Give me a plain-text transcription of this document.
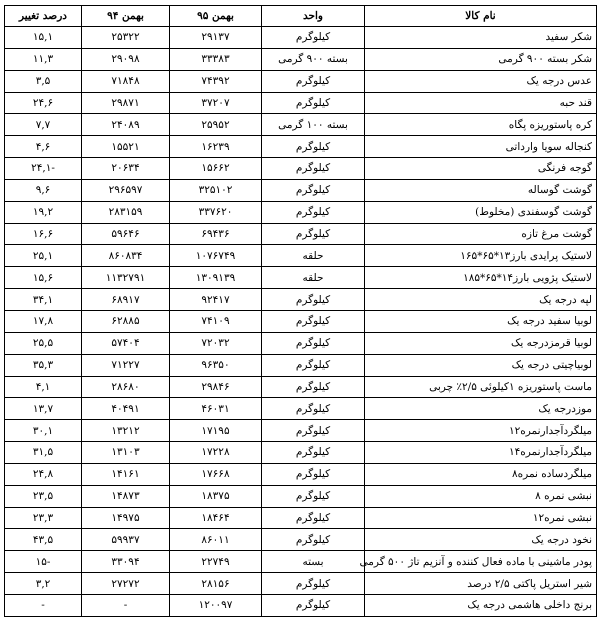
نام کالا	واحد	بهمن ۹۵	بهمن ۹۴	درصد تغییر
شکر سفید	کیلوگرم	۲۹۱۳۷	۲۵۳۲۲	۱۵,۱
شکر بسته ۹۰۰ گرمی	بسته ۹۰۰ گرمی	۳۳۳۸۳	۲۹۰۹۸	۱۱,۳
عدس درجه یک	کیلوگرم	۷۴۳۹۲	۷۱۸۴۸	۳,۵
قند حبه	کیلوگرم	۳۷۲۰۷	۲۹۸۷۱	۲۴,۶
کره پاستوریزه پگاه	بسته ۱۰۰ گرمی	۲۵۹۵۲	۲۴۰۸۹	۷,۷
کنجاله سویا وارداتی	کیلوگرم	۱۶۲۳۹	۱۵۵۲۱	۴,۶
گوجه فرنگی	کیلوگرم	۱۵۶۶۲	۲۰۶۳۴	-۲۴,۱
گوشت گوساله	کیلوگرم	۳۲۵۱۰۲	۲۹۶۵۹۷	۹,۶
گوشت گوسفندی (مخلوط)	کیلوگرم	۳۳۷۶۲۰	۲۸۳۱۵۹	۱۹,۲
گوشت مرغ تازه	کیلوگرم	۶۹۴۳۶	۵۹۶۴۶	۱۶,۶
لاستیک پرایدی بارز۱۳*۶۵*۱۶۵	حلقه	۱۰۷۶۷۴۹	۸۶۰۸۳۴	۲۵,۱
لاستیک پژویی بارز۱۴*۶۵*۱۸۵	حلقه	۱۳۰۹۱۳۹	۱۱۳۲۷۹۱	۱۵,۶
لپه درجه یک	کیلوگرم	۹۲۴۱۷	۶۸۹۱۷	۳۴,۱
لوبیا سفید درجه یک	کیلوگرم	۷۴۱۰۹	۶۲۸۸۵	۱۷,۸
لوبیا قرمزدرجه یک	کیلوگرم	۷۲۰۳۲	۵۷۴۰۴	۲۵,۵
لوبیاچیتی درجه یک	کیلوگرم	۹۶۳۵۰	۷۱۲۲۷	۳۵,۳
ماست پاستوریزه ۱کیلوئی ۲/۵٪ چربی	کیلوگرم	۲۹۸۴۶	۲۸۶۸۰	۴,۱
موزدرجه یک	کیلوگرم	۴۶۰۳۱	۴۰۴۹۱	۱۳,۷
میلگردآجدارنمره۱۲	کیلوگرم	۱۷۱۹۵	۱۳۲۱۲	۳۰,۱
میلگردآجدارنمره۱۴	کیلوگرم	۱۷۲۲۸	۱۳۱۰۳	۳۱,۵
میلگردساده نمره۸	کیلوگرم	۱۷۶۶۸	۱۴۱۶۱	۲۴,۸
نبشی نمره ۸	کیلوگرم	۱۸۳۷۵	۱۴۸۷۳	۲۳,۵
نبشی نمره۱۲	کیلوگرم	۱۸۴۶۴	۱۴۹۷۵	۲۳,۳
نخود درجه یک	کیلوگرم	۸۶۰۱۱	۵۹۹۳۷	۴۳,۵
پودر ماشینی با ماده فعال کننده و آنزیم تاژ ۵۰۰ گرمی	بسته	۲۲۷۴۹	۳۳۰۹۴	-۱۵
شیر استریل پاکتی ۲/۵ درصد	کیلوگرم	۲۸۱۵۶	۲۷۲۷۲	۳,۲
برنج داخلی هاشمی درجه یک	کیلوگرم	۱۲۰۰۹۷	-	-
